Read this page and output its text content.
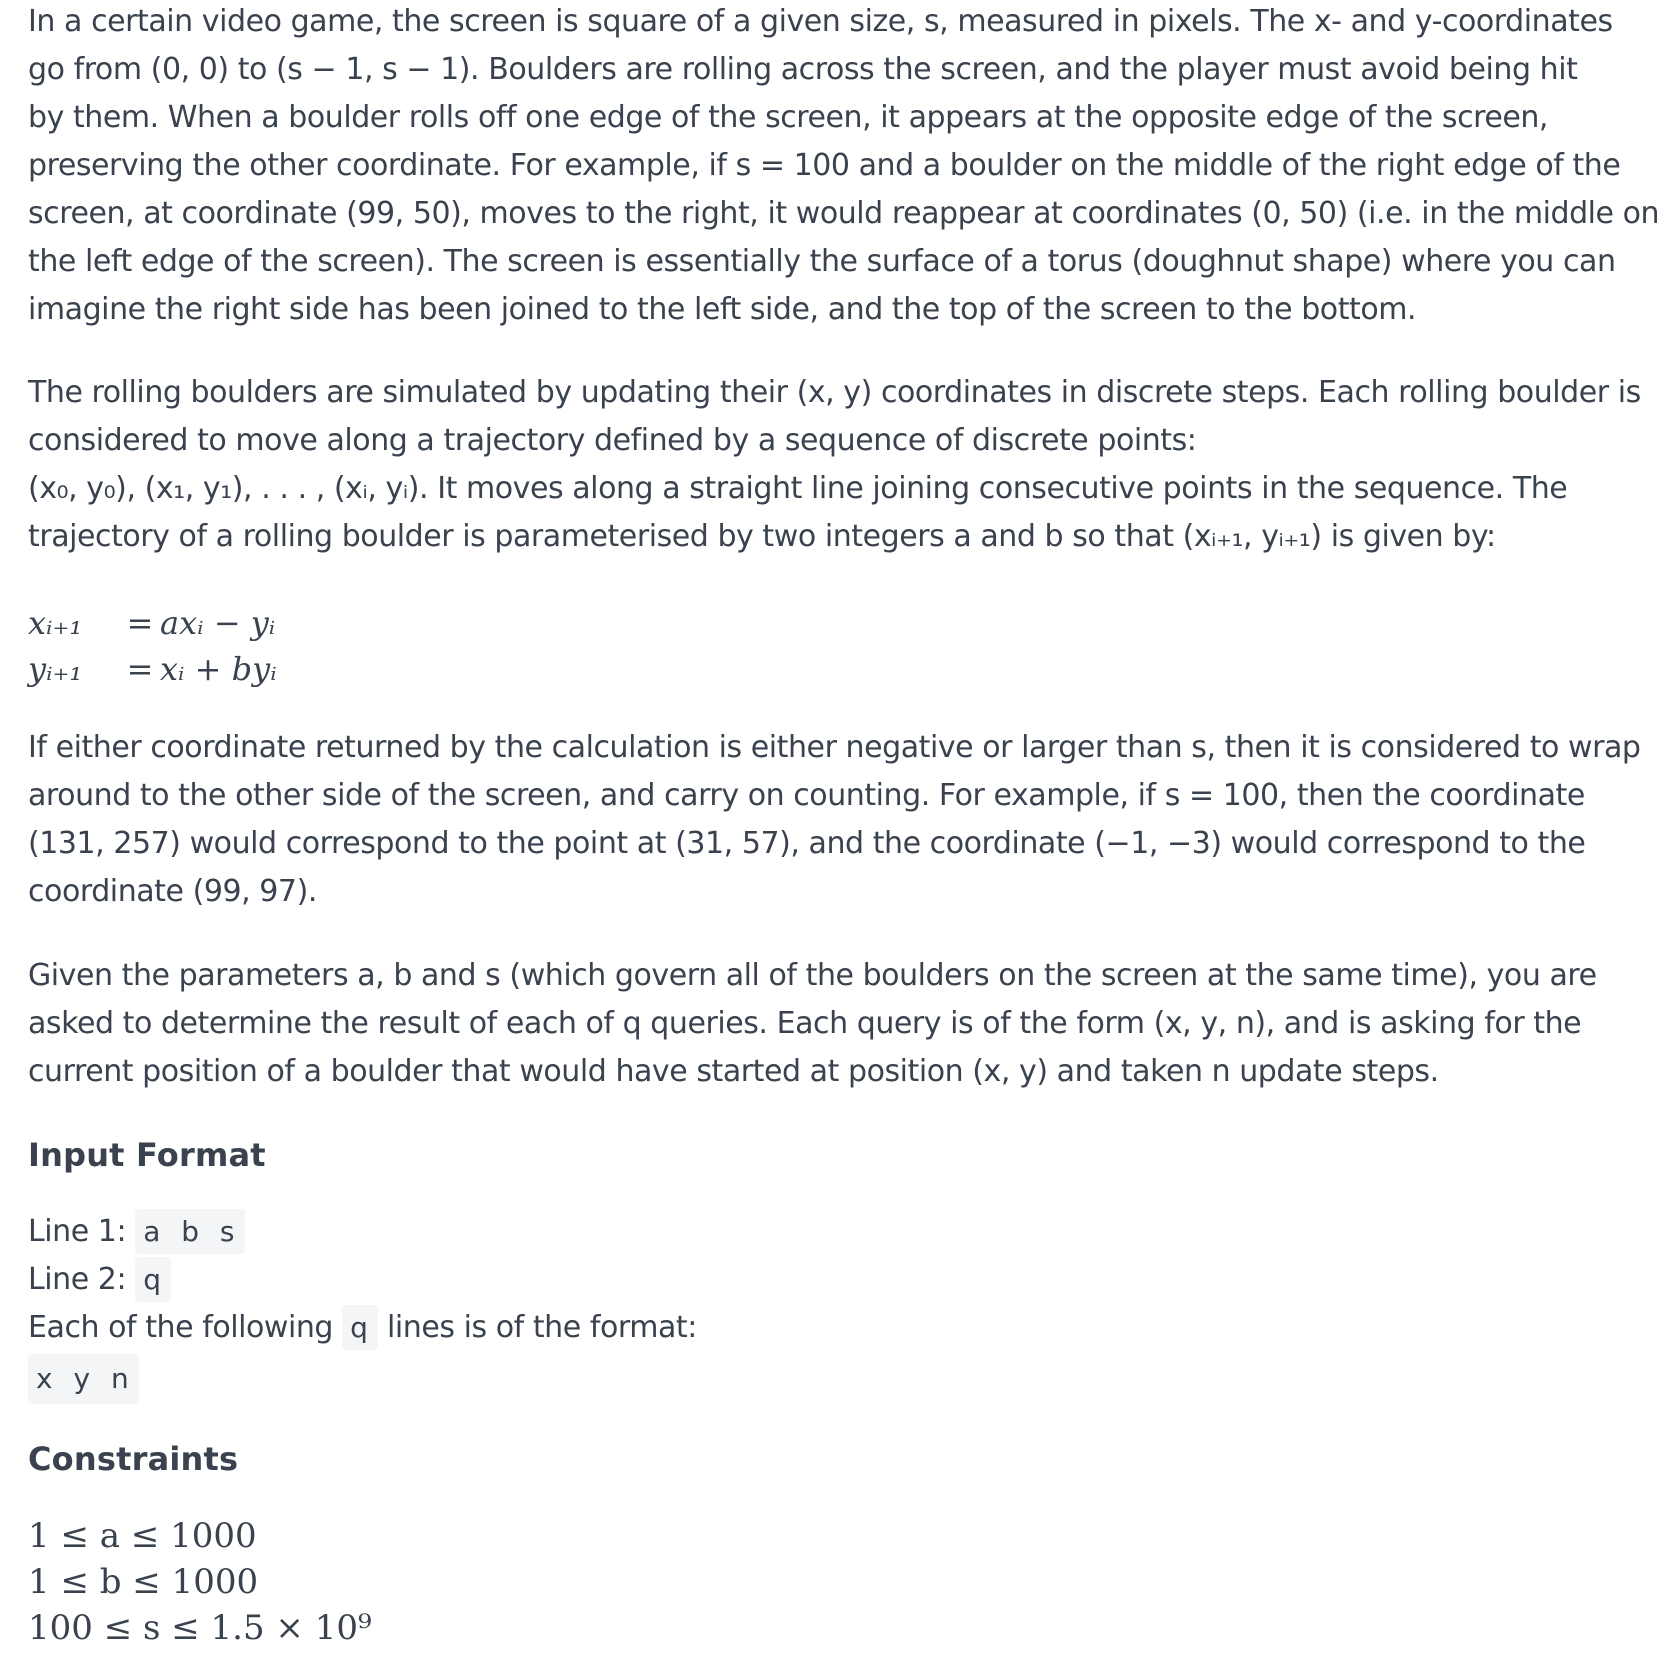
In a certain video game, the screen is square of a given size, s, measured in pixels. The x- and y-coordinates
go from (0, 0) to (s − 1, s − 1). Boulders are rolling across the screen, and the player must avoid being hit
by them. When a boulder rolls off one edge of the screen, it appears at the opposite edge of the screen,
preserving the other coordinate. For example, if s = 100 and a boulder on the middle of the right edge of the
screen, at coordinate (99, 50), moves to the right, it would reappear at coordinates (0, 50) (i.e. in the middle on
the left edge of the screen). The screen is essentially the surface of a torus (doughnut shape) where you can
imagine the right side has been joined to the left side, and the top of the screen to the bottom.

The rolling boulders are simulated by updating their (x, y) coordinates in discrete steps. Each rolling boulder is
considered to move along a trajectory defined by a sequence of discrete points:
(x₀, y₀), (x₁, y₁), . . . , (xᵢ, yᵢ). It moves along a straight line joining consecutive points in the sequence. The
trajectory of a rolling boulder is parameterised by two integers a and b so that (xᵢ₊₁, yᵢ₊₁) is given by:

xᵢ₊₁ = axᵢ − yᵢ
yᵢ₊₁ = xᵢ + byᵢ

If either coordinate returned by the calculation is either negative or larger than s, then it is considered to wrap
around to the other side of the screen, and carry on counting. For example, if s = 100, then the coordinate
(131, 257) would correspond to the point at (31, 57), and the coordinate (−1, −3) would correspond to the
coordinate (99, 97).

Given the parameters a, b and s (which govern all of the boulders on the screen at the same time), you are
asked to determine the result of each of q queries. Each query is of the form (x, y, n), and is asking for the
current position of a boulder that would have started at position (x, y) and taken n update steps.

Input Format

Line 1: a b s

Line 2: q

Each of the following q lines is of the format:

x y n
Constraints
1 ≤ a ≤ 1000
1 ≤ b ≤ 1000
100 ≤ s ≤ 1.5 × 10⁹
